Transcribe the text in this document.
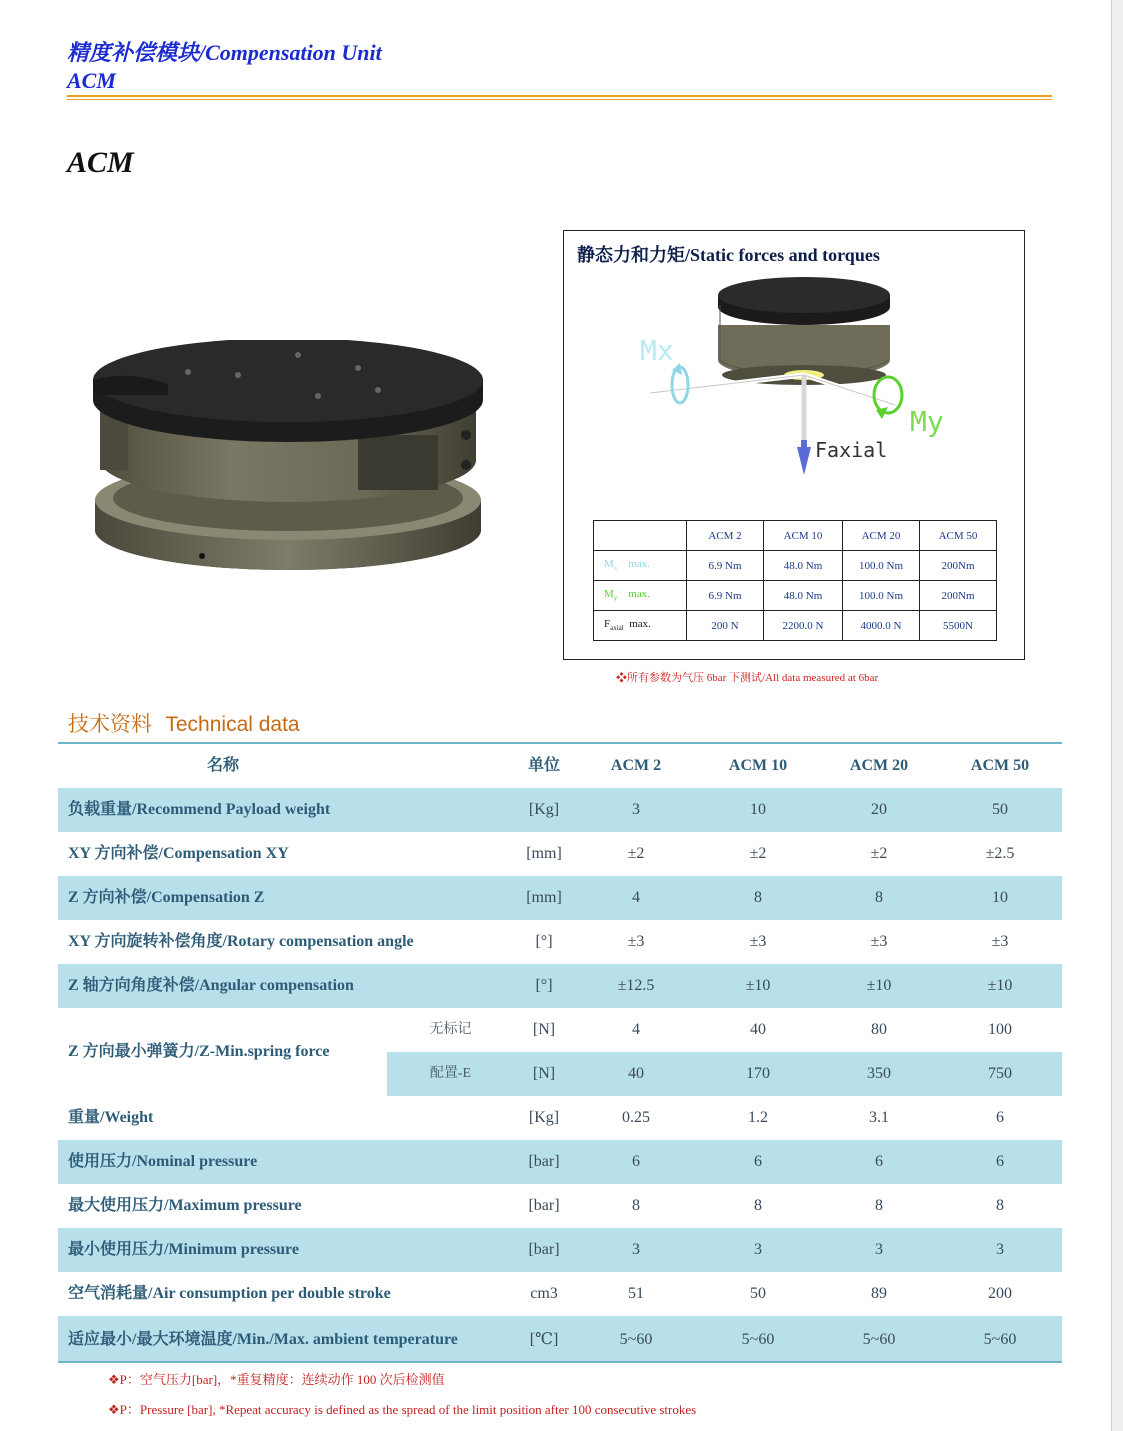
精度补偿模块/Compensation Unit
ACM
ACM
静态力和力矩/Static forces and torques
Mx
My
Faxial
	ACM 2	ACM 10	ACM 20	ACM 50
$M_x$ max.	6.9 Nm	48.0 Nm	100.0 Nm	200Nm
$M_y$ max.	6.9 Nm	48.0 Nm	100.0 Nm	200Nm
$F_{axial}$ max.	200 N	2200.0 N	4000.0 N	5500N
❖所有参数为气压 6bar 下测试/All data measured at 6bar
技术资料 Technical data
名称	单位	ACM 2	ACM 10	ACM 20	ACM 50
负载重量/Recommend Payload weight	[Kg]	3	10	20	50
XY 方向补偿/Compensation XY	[mm]	±2	±2	±2	±2.5
Z 方向补偿/Compensation Z	[mm]	4	8	8	10
XY 方向旋转补偿角度/Rotary compensation angle	[°]	±3	±3	±3	±3
Z 轴方向角度补偿/Angular compensation	[°]	±12.5	±10	±10	±10
无标记	[N]	4	40	80	100
配置-E	[N]	40	170	350	750
Z 方向最小弹簧力/Z-Min.spring force
重量/Weight	[Kg]	0.25	1.2	3.1	6
使用压力/Nominal pressure	[bar]	6	6	6	6
最大使用压力/Maximum pressure	[bar]	8	8	8	8
最小使用压力/Minimum pressure	[bar]	3	3	3	3
空气消耗量/Air consumption per double stroke	cm3	51	50	89	200
适应最小/最大环境温度/Min./Max. ambient temperature	[℃]	5~60	5~60	5~60	5~60
❖P：空气压力[bar]，*重复精度：连续动作 100 次后检测值
❖P：Pressure [bar], *Repeat accuracy is defined as the spread of the limit position after 100 consecutive strokes
